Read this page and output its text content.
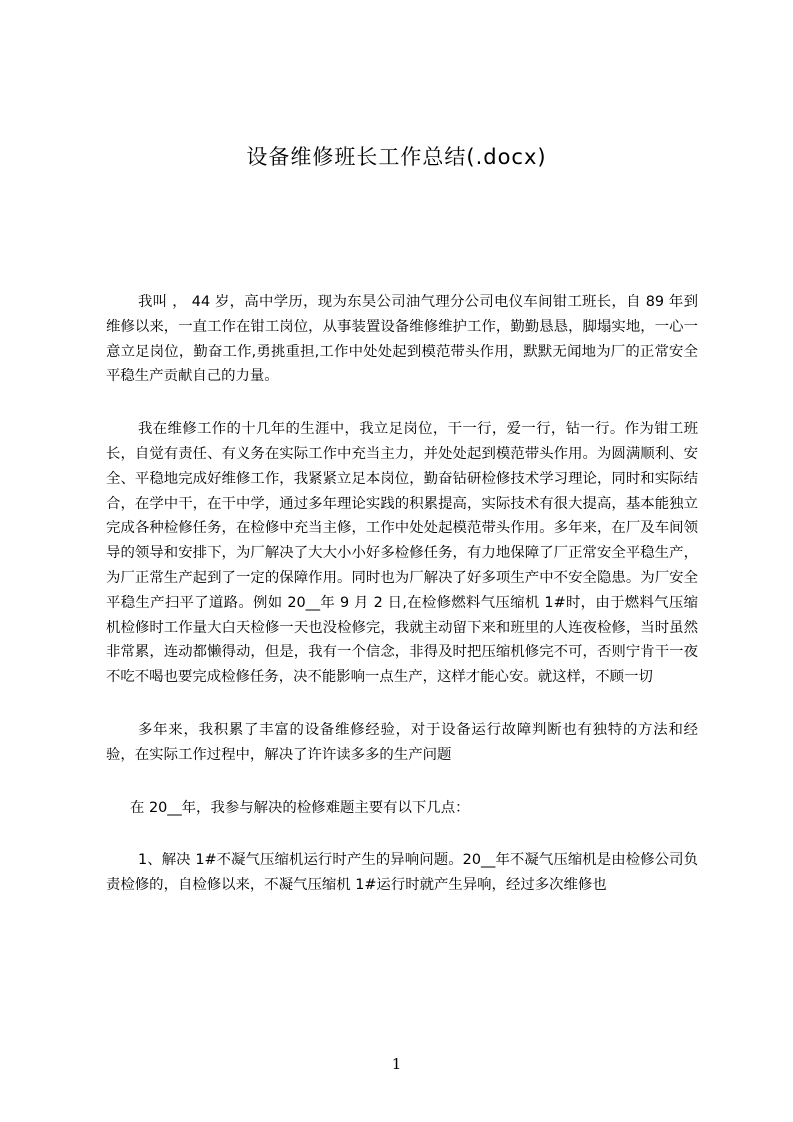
设备维修班长工作总结(.docx)

我叫 ， 44 岁，高中学历，现为东昊公司油气理分公司电仪车间钳工班长，自 89 年到维修以来，一直工作在钳工岗位，从事装置设备维修维护工作，勤勤恳恳，脚塌实地，一心一意立足岗位，勤奋工作,勇挑重担,工作中处处起到模范带头作用，默默无闻地为厂的正常安全平稳生产贡献自己的力量。

我在维修工作的十几年的生涯中，我立足岗位，干一行，爱一行，钻一行。作为钳工班长，自觉有责任、有义务在实际工作中充当主力，并处处起到模范带头作用。为圆满顺利、安全、平稳地完成好维修工作，我紧紧立足本岗位，勤奋钻研检修技术学习理论，同时和实际结合，在学中干，在干中学，通过多年理论实践的积累提高，实际技术有很大提高，基本能独立完成各种检修任务，在检修中充当主修，工作中处处起模范带头作用。多年来，在厂及车间领导的领导和安排下，为厂解决了大大小小好多检修任务，有力地保障了厂正常安全平稳生产，为厂正常生产起到了一定的保障作用。同时也为厂解决了好多项生产中不安全隐患。为厂安全平稳生产扫平了道路。例如 20__年 9 月 2 日,在检修燃料气压缩机 1#时，由于燃料气压缩机检修时工作量大白天检修一天也没检修完，我就主动留下来和班里的人连夜检修，当时虽然非常累，连动都懒得动，但是，我有一个信念，非得及时把压缩机修完不可，否则宁肯干一夜不吃不喝也要完成检修任务，决不能影响一点生产，这样才能心安。就这样，不顾一切

多年来，我积累了丰富的设备维修经验，对于设备运行故障判断也有独特的方法和经验，在实际工作过程中，解决了许许读多多的生产问题

在 20__年，我参与解决的检修难题主要有以下几点：

1、解决 1#不凝气压缩机运行时产生的异响问题。20__年不凝气压缩机是由检修公司负责检修的，自检修以来，不凝气压缩机 1#运行时就产生异响，经过多次维修也

1
